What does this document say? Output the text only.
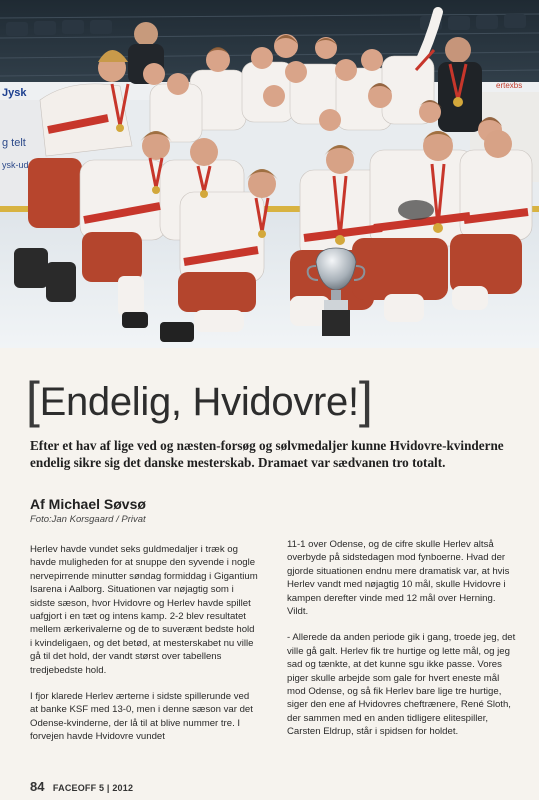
Jysk
g telt
ysk-ud
ertexbs
[Endelig, Hvidovre!]

Efter et hav af lige ved og næsten-forsøg og sølvmedaljer kunne Hvidovre-kvinderne endelig sikre sig det danske mesterskab. Dramaet var sædvanen tro totalt.

Af Michael Søvsø
Foto:Jan Korsgaard / Privat

Herlev havde vundet seks guldmedaljer i træk og havde muligheden for at snuppe den syvende i nogle nervepirrende minutter søndag formiddag i Gigantium Isarena i Aalborg. Situationen var nøjagtig som i sidste sæson, hvor Hvidovre og Herlev havde spillet uafgjort i en tæt og intens kamp. 2-2 blev resultatet mellem ærkerivalerne og de to suverænt bedste hold i kvindeligaen, og det betød, at mesterskabet nu ville gå til det hold, der vandt størst over tabellens tredjebedste hold.

I fjor klarede Herlev ærterne i sidste spillerunde ved at banke KSF med 13-0, men i denne sæson var det Odense-kvinderne, der lå til at blive nummer tre. I forvejen havde Hvidovre vundet

11-1 over Odense, og de cifre skulle Herlev altså overbyde på sidstedagen mod fynboerne. Hvad der gjorde situationen endnu mere dramatisk var, at hvis Herlev vandt med nøjagtig 10 mål, skulle Hvidovre i kampen derefter vinde med 12 mål over Herning. Vildt.

- Allerede da anden periode gik i gang, troede jeg, det ville gå galt. Herlev fik tre hurtige og lette mål, og jeg sad og tænkte, at det kunne sgu ikke passe. Vores piger skulle arbejde som gale for hvert eneste mål mod Odense, og så fik Herlev bare lige tre hurtige, siger den ene af Hvidovres cheftrænere, René Sloth, der sammen med en anden tidligere elitespiller, Carsten Eldrup, står i spidsen for holdet.

84 FACEOFF 5 | 2012
